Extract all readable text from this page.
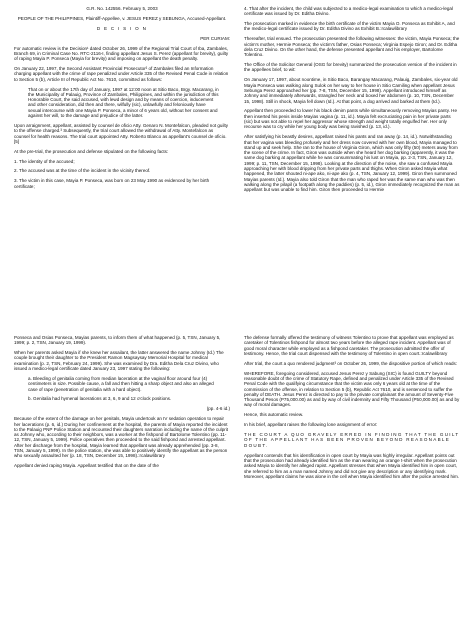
G.R. No. 142556. February 5, 2003

PEOPLE OF THE PHILIPPINES, Plaintiff-Appellee, v. JESUS PEREZ y SEBUNGA, Accused-Appellant.

D E C I S I O N

PER CURIAM:

For automatic review is the Decision¹ dated October 26, 1999 of the Regional Trial Court of Iba, Zambales, Branch 69, in Criminal Case No. RTC-2116-I, finding appellant Jesus S. Perez (appellant for brevity), guilty of raping Mayia P. Ponseca (Mayia for brevity) and imposing on appellant the death penalty.

On January 22, 1997, the Second Assistant Provincial Prosecutor² of Zambales filed an Information charging appellant with the crime of rape penalized under Article 335 of the Revised Penal Code in relation to Section 5 (b), Article III of Republic Act No. 7610, committed as follows:

That on or about the 17th day of January, 1997 at 12:00 noon at Sitio Baco, Brgy. Macarang, in the Municipality of Palauig, Province of Zambales, Philippines, and within the jurisdiction of this Honorable Court, the said accused, with lewd design and by means of coercion, inducement and other consideration, did then and there, wilfully (sic), unlawfully and feloniously have sexual intercourse with one Mayia P. Ponseca, a minor of 6 years old, without her consent and against her will, to the damage and prejudice of the latter.

Upon arraignment, appellant, assisted by counsel de oficio Atty. Genaro N. Montefalcon, pleaded not guilty to the offense charged.³ Subsequently, the trial court allowed the withdrawal of Atty. Montefalcon as counsel for health reasons. The trial court appointed Atty. Roberto Blanco as appellant's counsel de oficio.[5]

At the pre-trial, the prosecution and defense stipulated on the following facts:

1. The identity of the accused;

2. The accused was at the time of the incident in the vicinity thereof.

3. The victim in this case, Mayia P. Ponseca, was born on 23 May 1990 as evidenced by her birth certificate;

4. That after the incident, the child was subjected to a medico-legal examination to which a medico-legal certificate was issued by Dr. Editha Divino.

The prosecution marked in evidence the birth certificate of the victim Mayia O. Ponseca as Exhibit A, and the medico-legal certificate issued by Dr. Editha Divino as Exhibit B.:rcalawlibrary

Thereafter, trial ensued. The prosecution presented the following witnesses: the victim, Mayia Ponseca; the victim's mother, Hermie Ponseca; the victim's father, Osias Ponseca; Virginia Espejo Giron; and Dr. Editha dela Cruz Divino. On the other hand, the defense presented appellant and his employer, Bartolome Tolentino.

The Office of the Solicitor General (OSG for brevity) summarized the prosecution version of the incident in the appellees brief, to wit:

On January 17, 1997, about noontime, in Sitio Baco, Barangay Macarang, Palauig, Zambales, six-year old Mayia Ponseca was walking along Sulok on her way to her house in Sitio Camiling when appellant Jesus Sebunga Perez approached her (pp. 7-8, TSN, December 15, 1998). Appellant introduced himself as Johnny and immediately afterwards, strangled her neck and boxed her abdomen (p. 10, TSN, December 15, 1998). Still in shock, Mayia fell down (Id.). At that point, a dog arrived and barked at them (Id.).

Appellant then proceeded to lower his black denim pants while simultaneously removing Mayias panty. He then inserted his penis inside Mayias vagina (p. 11, id.). Mayia felt excruciating pain in her private parts (sic) but was not able to repel her aggressor whose strength and weight totally engulfed her. Her only recourse was to cry while her young body was being ravished (p. 13, id.).

After satisfying his beastly desires, appellant raised his pants and ran away (p. 14, id.). Notwithstanding that her vagina was bleeding profusely and her dress now covered with her own blood, Mayia managed to stand up and seek help. She ran to the house of Virginia Giron, which was only fifty (50) meters away from the scene of the crime. In fact, Giron was outside when she heard her dog barking (apparently, it was the same dog barking at appellant while he was consummating his lust on Mayia, pp. 2-3, TSN, January 12, 1999; p. 11, TSN, December 15, 1998). Looking at the direction of the noise, she saw a confused Mayia approaching her with blood dripping from her private parts and thighs. When Giron asked Mayia what happened, the latter shouted ni-ape ako, ni-ape ako (p. 4, TSN, January 12, 1999). Giron then summoned Mayias parents (Id.). Mayia also told Giron that the man who raped her was the same man who was then walking along the pilapil (a footpath along the paddies) (p. 5, id.), Giron immediately recognized the man as appellant but was unable to find him. Giron then proceeded to Hermie

Ponseca and Osias Ponseca, Mayias parents, to inform them of what happened (p. 5, TSN, January 5, 1999; p. 2, TSN, January 19, 1999).

When her parents asked Mayia if she knew her assailant, the latter answered the name Johnny (Id.) The couple brought their daughter to the President Ramon Magsaysay Memorial Hospital for medical examination (p. 2, TSN, February 24, 1999). She was examined by Dra. Editha Dela Cruz Divino, who issued a medico-legal certificate dated January 23, 1997 stating the following:

a. Bleeding of genitalia coming from median laceration at the vaginal floor around four (4) centimeters in size. Possible cause, a fall and then hitting a sharp object and also an alleged case of rape (penetration of genitalia with a hard object).

b. Genitalia had hymenal lacerations at 3, 6, 9 and 12 o'clock positions.

(pp. 4-6 id.)

Because of the extent of the damage on her genitals, Mayia undertook an IV sedation operation to repair her lacerations (p. 6, id.) During her confinement at the hospital, the parents of Mayia reported the incident to the Palauig PNP Police Station and recounted their daughters narration including the name of the culprit as Johnny who, according to their neighbors, was a worker at the fishpond of Bartolome Tolentino (pp. 11-12, TSN, January 5, 1999). Police operatives then proceeded to the said fishpond and arrested appellant. After her discharge from the hospital, Mayia learned that appellant was already apprehended (pp. 3-8, TSN, January 5, 1999). In the police station, she was able to positively identify the appellant as the person who sexually assaulted her (p. 18, TSN, December 15, 1998).:rcalawlibrary

Appellant denied raping Mayia. Appellant testified that on the date of the

The defense formally offered the testimony of witness Tolentino to prove that appellant was employed as caretaker of Tolentinos fishpond for almost two years before the alleged rape incident. Appellant was of good moral character while employed as a fishpond caretaker. The prosecution admitted the offer of testimony. Hence, the trial court dispensed with the testimony of Tolentino in open court.:rcalawlibrary

After trial, the court a quo rendered judgment³ on October 26, 1999, the dispositive portion of which reads:

WHEREFORE, foregoing considered, accused Jesus Perez y Sabung (SIC) is found GUILTY beyond reasonable doubt of the crime of Statutory Rape, defined and penalized under Article 335 of the Revised Penal Code with the qualifying circumstance that the victim was only 6 years old at the time of the commission of the offense, in relation to Section 5 (b), Republic Act 7610, and is sentenced to suffer the penalty of DEATH. Jesus Perez is directed to pay to the private complainant the amount of Seventy-Five Thousand Pesos (P75,000.00) as and by way of civil indemnity and Fifty Thousand (P50,000.00) as and by way of moral damages.

Hence, this automatic review.

In his brief, appellant raises the following lone assignment of error:

THE COURT A QUO GRAVELY ERRED IN FINDING THAT THE GUILT OF THE APPELLANT HAS BEEN PROVEN BEYOND REASONABLE DOUBT.

Appellant contends that his identification in open court by Mayia was highly irregular. Appellant points out that the prosecution had already identified him as the man wearing an orange t-shirt when the prosecution asked Mayia to identify her alleged rapist. Appellant stresses that when Mayia identified him in open court, she referred to him as a man named Johnny and did not give any description or any identifying mark. Moreover, appellant claims he was alone in the cell when Mayia identified him after the police arrested him.
